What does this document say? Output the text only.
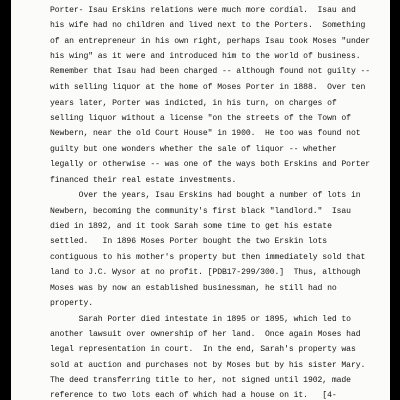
Porter- Isau Erskins relations were much more cordial.  Isau and
his wife had no children and lived next to the Porters.  Something
of an entrepreneur in his own right, perhaps Isau took Moses "under
his wing" as it were and introduced him to the world of business.
Remember that Isau had been charged -- although found not guilty --
with selling liquor at the home of Moses Porter in 1888.  Over ten
years later, Porter was indicted, in his turn, on charges of
selling liquor without a license "on the streets of the Town of
Newbern, near the old Court House" in 1900.  He too was found not
guilty but one wonders whether the sale of liquor -- whether
legally or otherwise -- was one of the ways both Erskins and Porter
financed their real estate investments.
Over the years, Isau Erskins had bought a number of lots in
Newbern, becoming the community's first black "landlord."  Isau
died in 1892, and it took Sarah some time to get his estate
settled.   In 1896 Moses Porter bought the two Erskin lots
contiguous to his mother's property but then immediately sold that
land to J.C. Wysor at no profit. [PDB17-299/300.]  Thus, although
Moses was by now an established businessman, he still had no
property.
Sarah Porter died intestate in 1895 or 1895, which led to
another lawsuit over ownership of her land.  Once again Moses had
legal representation in court.  In the end, Sarah's property was
sold at auction and purchases not by Moses but by his sister Mary.
The deed transferring title to her, not signed until 1902, made
reference to two lots each of which had a house on it.   [4-
